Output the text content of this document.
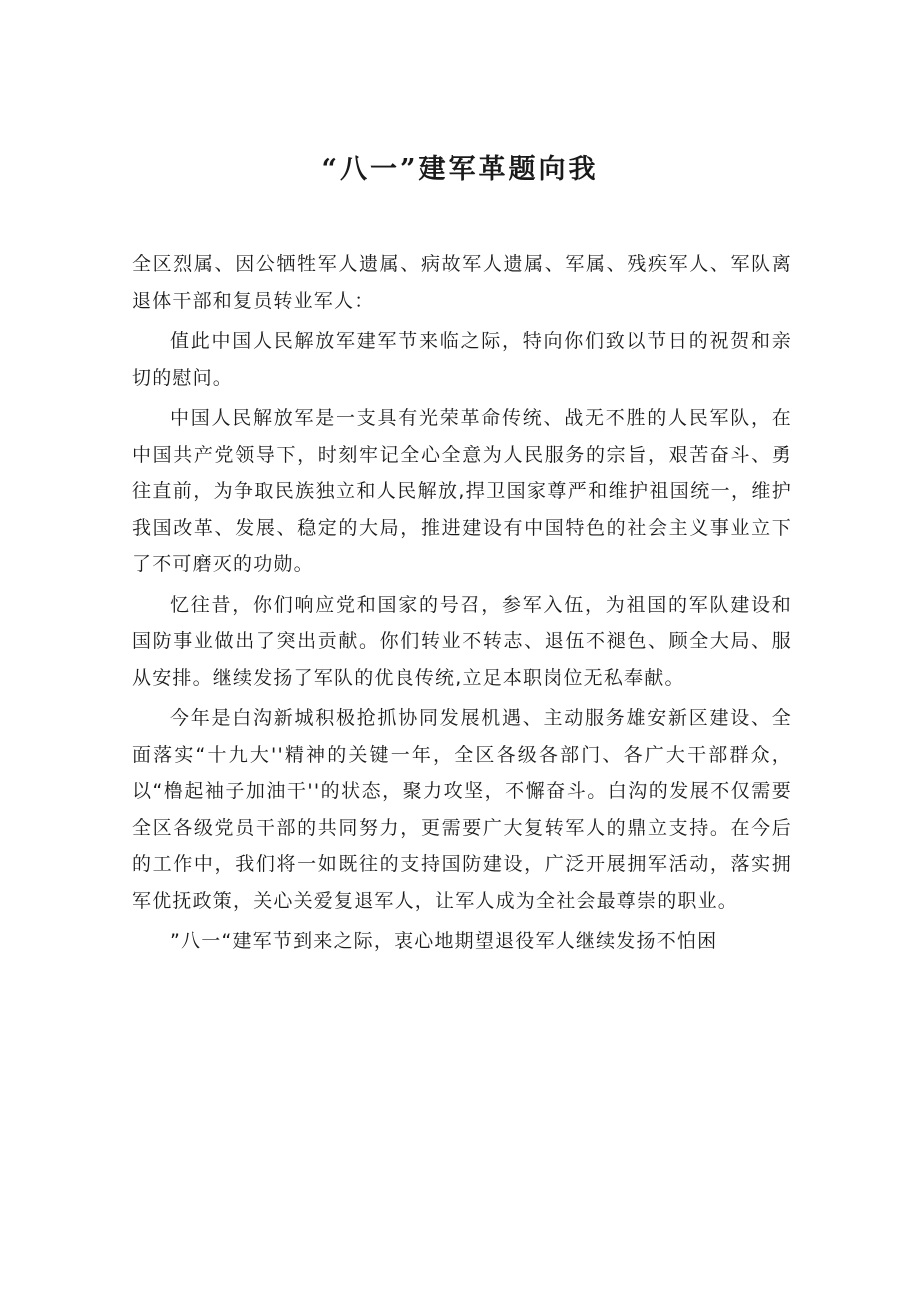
“八一”建军革题向我

全区烈属、因公牺牲军人遗属、病故军人遗属、军属、残疾军人、军队离退体干部和复员转业军人：

值此中国人民解放军建军节来临之际，特向你们致以节日的祝贺和亲切的慰问。

中国人民解放军是一支具有光荣革命传统、战无不胜的人民军队，在中国共产党领导下，时刻牢记全心全意为人民服务的宗旨，艰苦奋斗、勇往直前，为争取民族独立和人民解放,捍卫国家尊严和维护祖国统一，维护我国改革、发展、稳定的大局，推进建设有中国特色的社会主义事业立下了不可磨灭的功勋。

忆往昔，你们响应党和国家的号召，参军入伍，为祖国的军队建设和国防事业做出了突出贡献。你们转业不转志、退伍不褪色、顾全大局、服从安排。继续发扬了军队的优良传统,立足本职岗位无私奉献。

今年是白沟新城积极抢抓协同发展机遇、主动服务雄安新区建设、全面落实“十九大''精神的关键一年，全区各级各部门、各广大干部群众，以“橹起袖子加油干''的状态，聚力攻坚，不懈奋斗。白沟的发展不仅需要全区各级党员干部的共同努力，更需要广大复转军人的鼎立支持。在今后的工作中，我们将一如既往的支持国防建设，广泛开展拥军活动，落实拥军优抚政策，关心关爱复退军人，让军人成为全社会最尊崇的职业。

”八一“建军节到来之际，衷心地期望退役军人继续发扬不怕困
